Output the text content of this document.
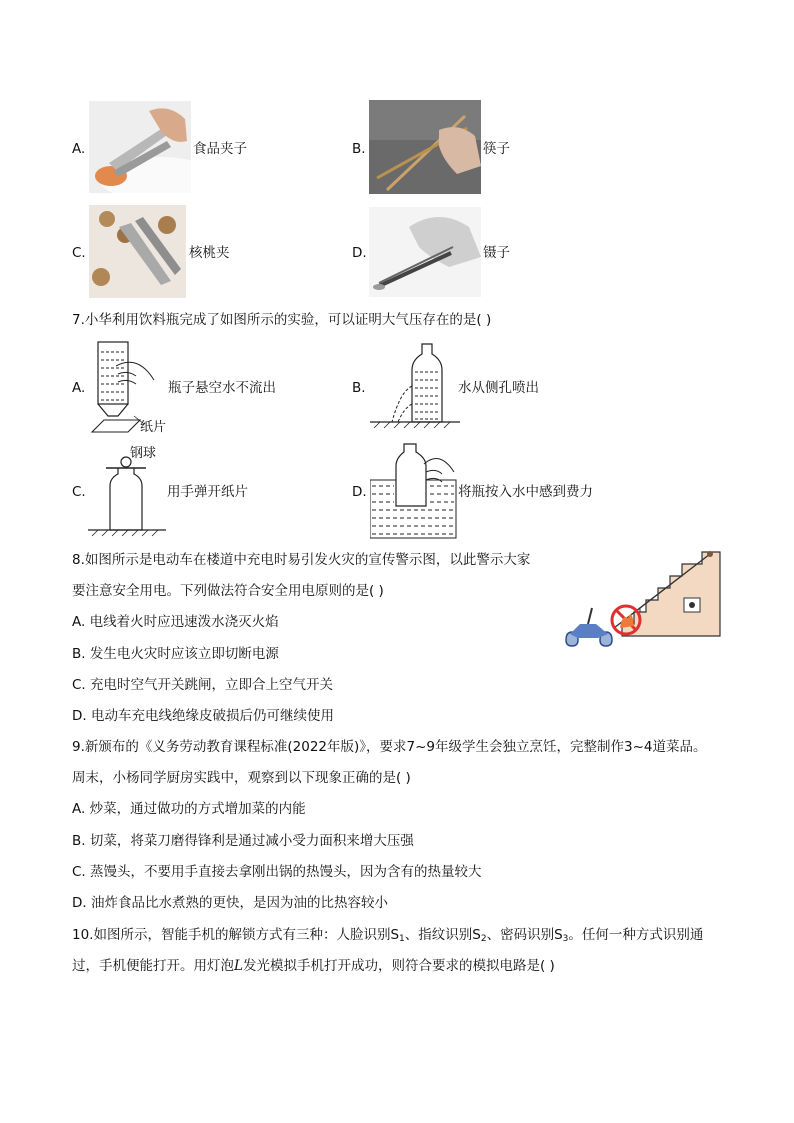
A.	食品夹子	B.	筷子
C.	核桃夹	D.	镊子
7.小华利用饮料瓶完成了如图所示的实验，可以证明大气压存在的是( )
A.
纸片
瓶子悬空水不流出	B.	水从侧孔喷出
钢球
C.	用手弹开纸片	D.	将瓶按入水中感到费力
8.如图所示是电动车在楼道中充电时易引发火灾的宣传警示图，以此警示大家
要注意安全用电。下列做法符合安全用电原则的是( )
A. 电线着火时应迅速泼水浇灭火焰
B. 发生电火灾时应该立即切断电源
C. 充电时空气开关跳闸，立即合上空气开关
D. 电动车充电线绝缘皮破损后仍可继续使用
9.新颁布的《义务劳动教育课程标准(2022年版)》，要求7~9年级学生会独立烹饪，完整制作3~4道菜品。
周末，小杨同学厨房实践中，观察到以下现象正确的是( )
A. 炒菜，通过做功的方式增加菜的内能
B. 切菜，将菜刀磨得锋利是通过减小受力面积来增大压强
C. 蒸馒头，不要用手直接去拿刚出锅的热馒头，因为含有的热量较大
D. 油炸食品比水煮熟的更快，是因为油的比热容较小
10.如图所示，智能手机的解锁方式有三种：人脸识别$S_1$、指纹识别$S_2$、密码识别$S_3$。任何一种方式识别通
过，手机便能打开。用灯泡L发光模拟手机打开成功，则符合要求的模拟电路是( )
